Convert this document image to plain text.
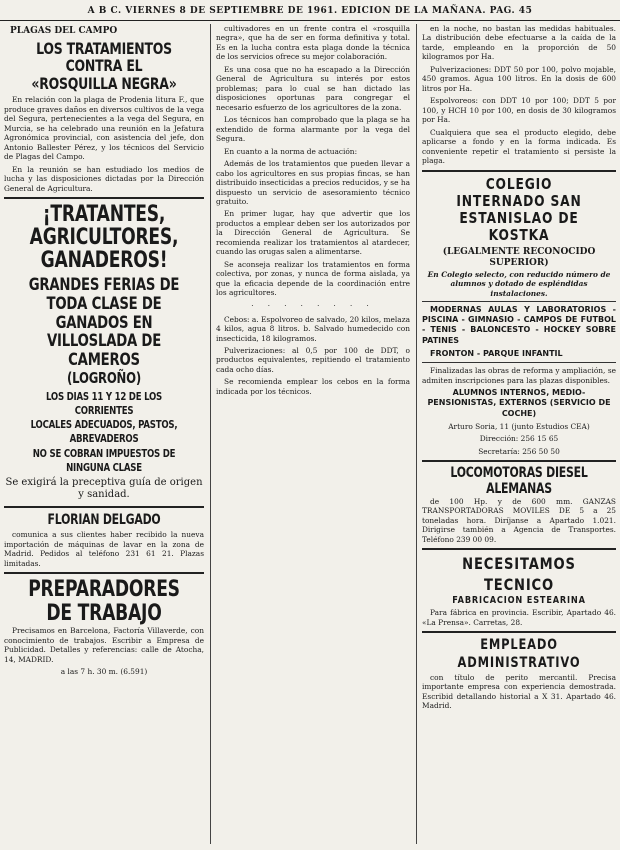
A B C. VIERNES 8 DE SEPTIEMBRE DE 1961. EDICION DE LA MAÑANA. PAG. 45
PLAGAS DEL CAMPO
LOS TRATAMIENTOS CONTRA EL «ROSQUILLA NEGRA»

En relación con la plaga de Prodenia litura F., que produce graves daños en diversos cultivos de la vega del Segura, pertenecientes a la vega del Segura, en Murcia, se ha celebrado una reunión en la Jefatura Agronómica provincial, con asistencia del jefe, don Antonio Ballester Pérez, y los técnicos del Servicio de Plagas del Campo.

En la reunión se han estudiado los medios de lucha y las disposiciones dictadas por la Dirección General de Agricultura.

¡TRATANTES, AGRICULTORES, GANADEROS!
GRANDES FERIAS DE TODA CLASE DE GANADOS EN VILLOSLADA DE CAMEROS
(LOGROÑO)
LOS DIAS 11 Y 12 DE LOS CORRIENTES
LOCALES ADECUADOS, PASTOS, ABREVADEROS
NO SE COBRAN IMPUESTOS DE NINGUNA CLASE
Se exigirá la preceptiva guía de origen y sanidad.
FLORIAN DELGADO

comunica a sus clientes haber recibido la nueva importación de máquinas de lavar en la zona de Madrid. Pedidos al teléfono 231 61 21. Plazas limitadas.

PREPARADORES DE TRABAJO

Precisamos en Barcelona, Factoría Villaverde, con conocimiento de trabajos. Escribir a Empresa de Publicidad. Detalles y referencias: calle de Atocha, 14, MADRID.

a las 7 h. 30 m. (6.591)

cultivadores en un frente contra el «rosquilla negra», que ha de ser en forma definitiva y total. Es en la lucha contra esta plaga donde la técnica de los servicios ofrece su mejor colaboración.

Es una cosa que no ha escapado a la Dirección General de Agricultura su interés por estos problemas; para lo cual se han dictado las disposiciones oportunas para congregar el necesario esfuerzo de los agricultores de la zona.

Los técnicos han comprobado que la plaga se ha extendido de forma alarmante por la vega del Segura.

En cuanto a la norma de actuación:

Además de los tratamientos que pueden llevar a cabo los agricultores en sus propias fincas, se han distribuido insecticidas a precios reducidos, y se ha dispuesto un servicio de asesoramiento técnico gratuito.

En primer lugar, hay que advertir que los productos a emplear deben ser los autorizados por la Dirección General de Agricultura. Se recomienda realizar los tratamientos al atardecer, cuando las orugas salen a alimentarse.

Se aconseja realizar los tratamientos en forma colectiva, por zonas, y nunca de forma aislada, ya que la eficacia depende de la coordinación entre los agricultores.

· · · · · · · ·

Cebos: a. Espolvoreo de salvado, 20 kilos, melaza 4 kilos, agua 8 litros. b. Salvado humedecido con insecticida, 18 kilogramos.

Pulverizaciones: al 0,5 por 100 de DDT, o productos equivalentes, repitiendo el tratamiento cada ocho días.

Se recomienda emplear los cebos en la forma indicada por los técnicos.

en la noche, no bastan las medidas habituales. La distribución debe efectuarse a la caída de la tarde, empleando en la proporción de 50 kilogramos por Ha.

Pulverizaciones: DDT 50 por 100, polvo mojable, 450 gramos. Agua 100 litros. En la dosis de 600 litros por Ha.

Espolvoreos: con DDT 10 por 100; DDT 5 por 100, y HCH 10 por 100, en dosis de 30 kilogramos por Ha.

Cualquiera que sea el producto elegido, debe aplicarse a fondo y en la forma indicada. Es conveniente repetir el tratamiento si persiste la plaga.

COLEGIO INTERNADO SAN ESTANISLAO DE KOSTKA
(LEGALMENTE RECONOCIDO SUPERIOR)

En Colegio selecto, con reducido número de alumnos y dotado de espléndidas instalaciones.

MODERNAS AULAS Y LABORATORIOS - PISCINA - GIMNASIO - CAMPOS DE FUTBOL - TENIS - BALONCESTO - HOCKEY SOBRE PATINES

FRONTON - PARQUE INFANTIL

Finalizadas las obras de reforma y ampliación, se admiten inscripciones para las plazas disponibles.

ALUMNOS INTERNOS, MEDIO-PENSIONISTAS, EXTERNOS (SERVICIO DE COCHE)

Arturo Soria, 11 (junto Estudios CEA)

Dirección: 256 15 65

Secretaría: 256 50 50

LOCOMOTORAS DIESEL ALEMANAS

de 100 Hp. y de 600 mm. GANZAS TRANSPORTADORAS MOVILES DE 5 a 25 toneladas hora. Diríjanse a Apartado 1.021. Dirigirse también a Agencia de Transportes. Teléfono 239 00 09.

NECESITAMOS TECNICO
FABRICACION ESTEARINA

Para fábrica en provincia. Escribir, Apartado 46. «La Prensa». Carretas, 28.

EMPLEADO ADMINISTRATIVO

con título de perito mercantil. Precisa importante empresa con experiencia demostrada. Escribid detallando historial a X 31. Apartado 46. Madrid.
